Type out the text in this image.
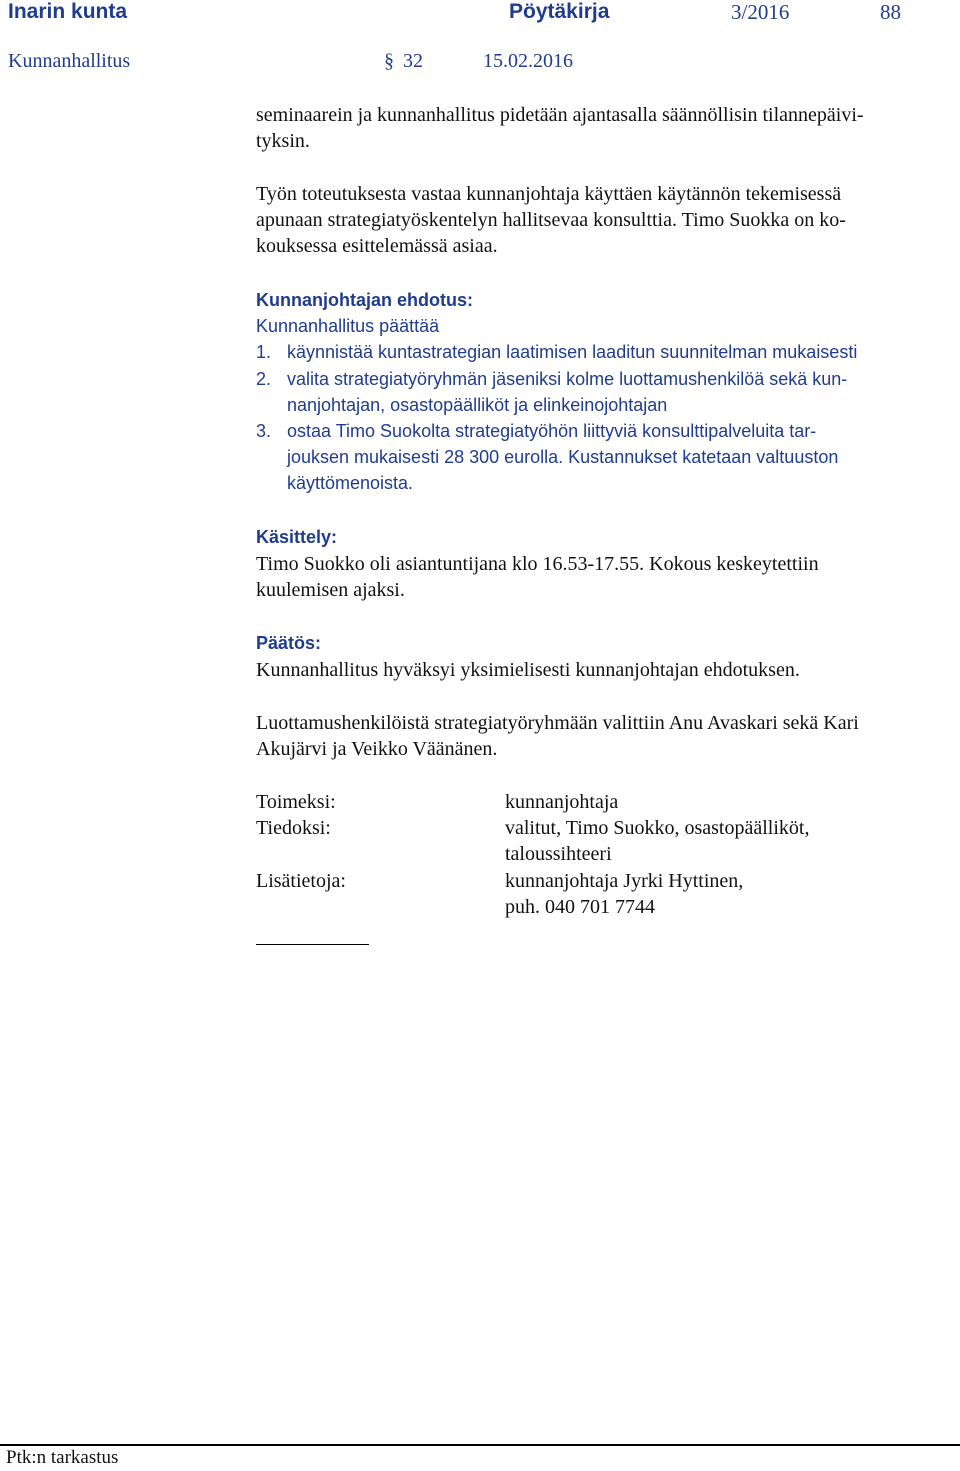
Inarin kunta	Pöytäkirja	3/2016	88
Kunnanhallitus	§ 32	15.02.2016
seminaarein ja kunnanhallitus pidetään ajantasalla säännöllisin tilannepäivi-
tyksin.
Työn toteutuksesta vastaa kunnanjohtaja käyttäen käytännön tekemisessä
apunaan strategiatyöskentelyn hallitsevaa konsulttia. Timo Suokka on ko-
kouksessa esittelemässä asiaa.
Kunnanjohtajan ehdotus:
Kunnanhallitus päättää
1. käynnistää kuntastrategian laatimisen laaditun suunnitelman mukaisesti
2. valita strategiatyöryhmän jäseniksi kolme luottamushenkilöä sekä kun-
nanjohtajan, osastopäälliköt ja elinkeinojohtajan
3. ostaa Timo Suokolta strategiatyöhön liittyviä konsulttipalveluita tar-
jouksen mukaisesti 28 300 eurolla. Kustannukset katetaan valtuuston
käyttömenoista.
Käsittely:
Timo Suokko oli asiantuntijana klo 16.53-17.55. Kokous keskeytettiin
kuulemisen ajaksi.
Päätös:
Kunnanhallitus hyväksyi yksimielisesti kunnanjohtajan ehdotuksen.
Luottamushenkilöistä strategiatyöryhmään valittiin Anu Avaskari sekä Kari
Akujärvi ja Veikko Väänänen.
Toimeksi:	kunnanjohtaja
Tiedoksi:	valitut, Timo Suokko, osastopäälliköt,
taloussihteeri
Lisätietoja:	kunnanjohtaja Jyrki Hyttinen,
puh. 040 701 7744
Ptk:n tarkastus
